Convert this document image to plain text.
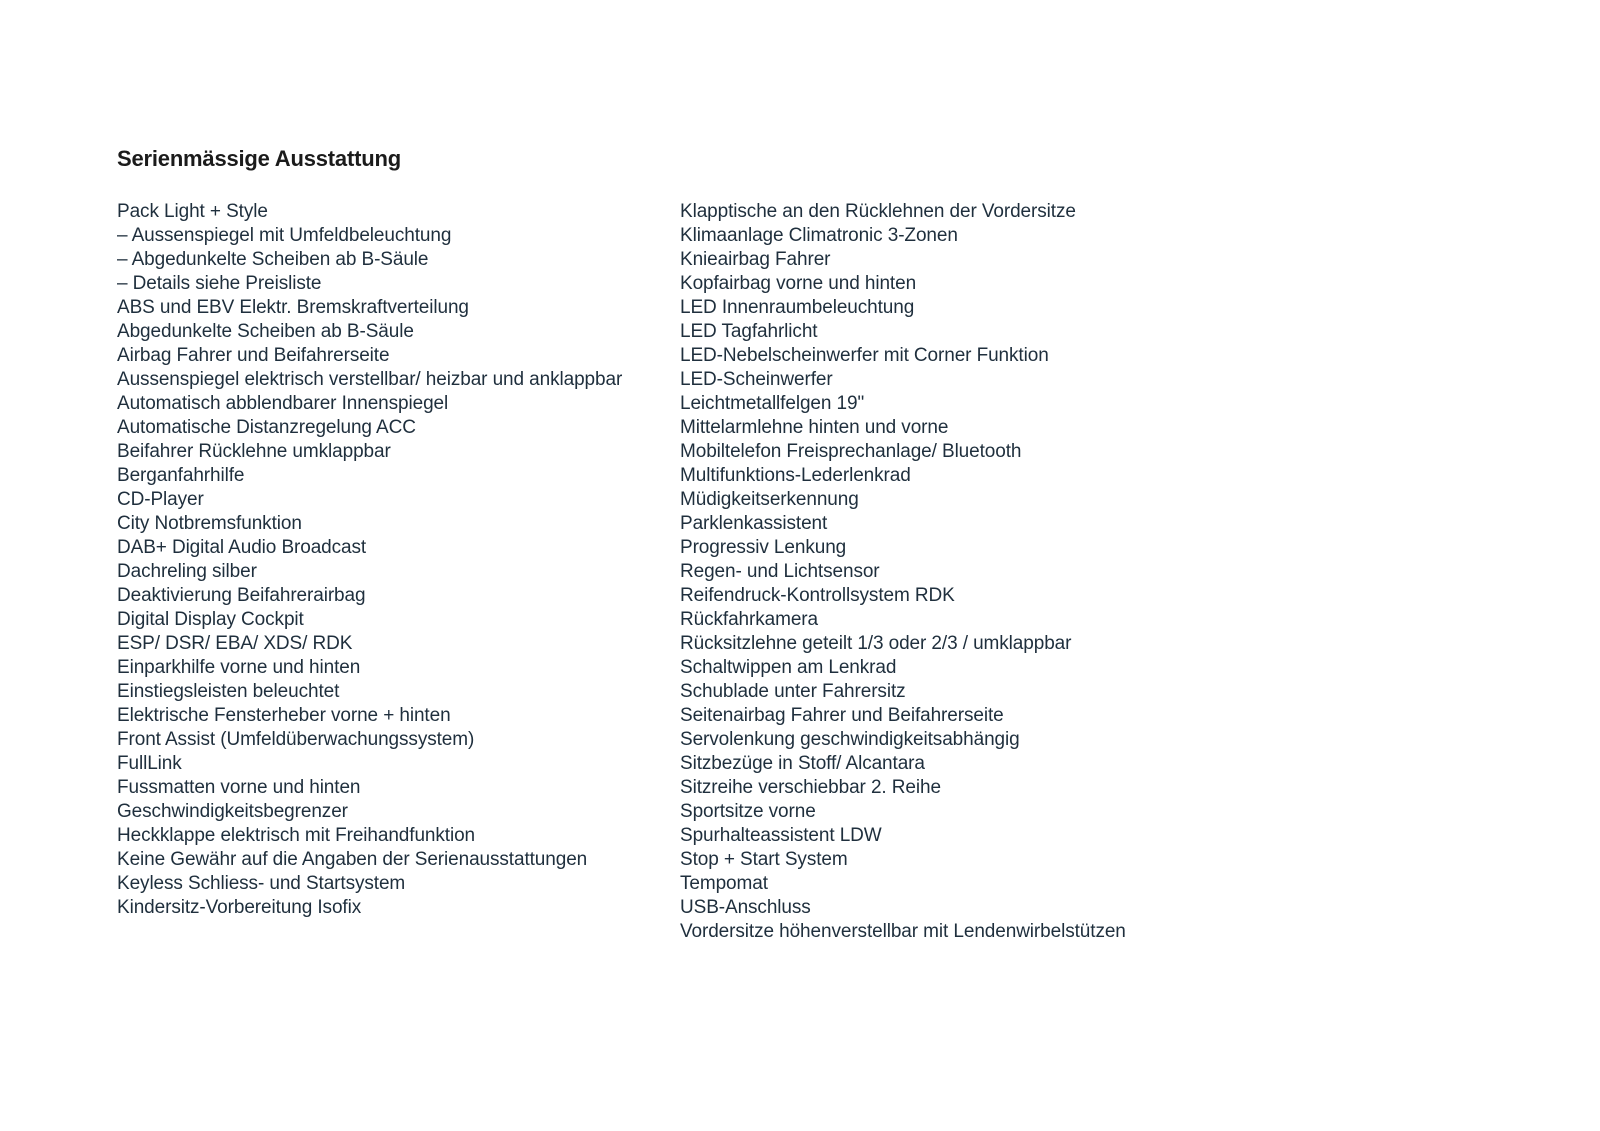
Serienmässige Ausstattung
Pack Light + Style
– Aussenspiegel mit Umfeldbeleuchtung
– Abgedunkelte Scheiben ab B-Säule
– Details siehe Preisliste
ABS und EBV Elektr. Bremskraftverteilung
Abgedunkelte Scheiben ab B-Säule
Airbag Fahrer und Beifahrerseite
Aussenspiegel elektrisch verstellbar/ heizbar und anklappbar
Automatisch abblendbarer Innenspiegel
Automatische Distanzregelung ACC
Beifahrer Rücklehne umklappbar
Berganfahrhilfe
CD-Player
City Notbremsfunktion
DAB+ Digital Audio Broadcast
Dachreling silber
Deaktivierung Beifahrerairbag
Digital Display Cockpit
ESP/ DSR/ EBA/ XDS/ RDK
Einparkhilfe vorne und hinten
Einstiegsleisten beleuchtet
Elektrische Fensterheber vorne + hinten
Front Assist (Umfeldüberwachungssystem)
FullLink
Fussmatten vorne und hinten
Geschwindigkeitsbegrenzer
Heckklappe elektrisch mit Freihandfunktion
Keine Gewähr auf die Angaben der Serienausstattungen
Keyless Schliess- und Startsystem
Kindersitz-Vorbereitung Isofix
Klapptische an den Rücklehnen der Vordersitze
Klimaanlage Climatronic 3-Zonen
Knieairbag Fahrer
Kopfairbag vorne und hinten
LED Innenraumbeleuchtung
LED Tagfahrlicht
LED-Nebelscheinwerfer mit Corner Funktion
LED-Scheinwerfer
Leichtmetallfelgen 19"
Mittelarmlehne hinten und vorne
Mobiltelefon Freisprechanlage/ Bluetooth
Multifunktions-Lederlenkrad
Müdigkeitserkennung
Parklenkassistent
Progressiv Lenkung
Regen- und Lichtsensor
Reifendruck-Kontrollsystem RDK
Rückfahrkamera
Rücksitzlehne geteilt 1/3 oder 2/3 / umklappbar
Schaltwippen am Lenkrad
Schublade unter Fahrersitz
Seitenairbag Fahrer und Beifahrerseite
Servolenkung geschwindigkeitsabhängig
Sitzbezüge in Stoff/ Alcantara
Sitzreihe verschiebbar 2. Reihe
Sportsitze vorne
Spurhalteassistent LDW
Stop + Start System
Tempomat
USB-Anschluss
Vordersitze höhenverstellbar mit Lendenwirbelstützen
